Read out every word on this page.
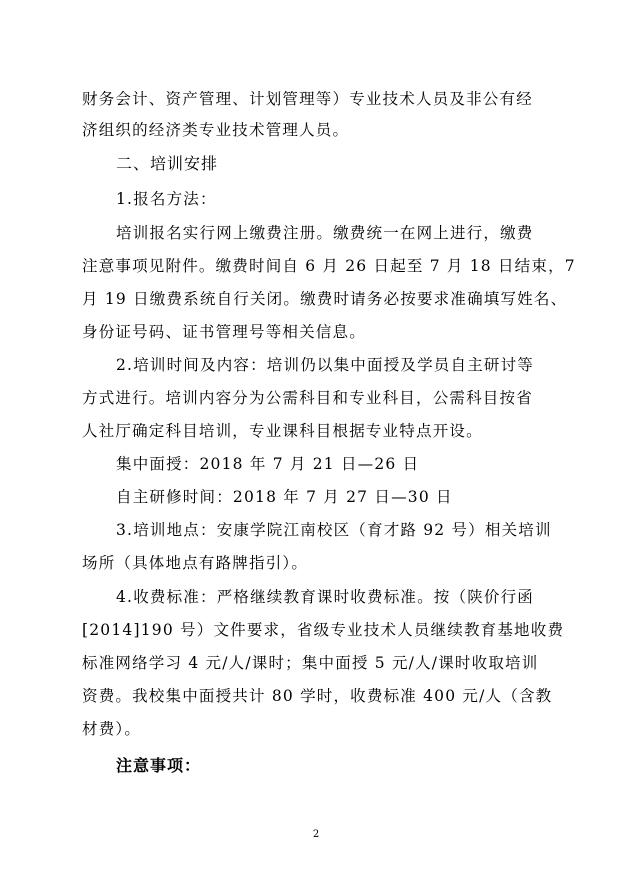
财务会计、资产管理、计划管理等）专业技术人员及非公有经
济组织的经济类专业技术管理人员。
二、培训安排
1.报名方法：
培训报名实行网上缴费注册。缴费统一在网上进行，缴费
注意事项见附件。缴费时间自 6 月 26 日起至 7 月 18 日结束，7
月 19 日缴费系统自行关闭。缴费时请务必按要求准确填写姓名、
身份证号码、证书管理号等相关信息。
2.培训时间及内容：培训仍以集中面授及学员自主研讨等
方式进行。培训内容分为公需科目和专业科目，公需科目按省
人社厅确定科目培训，专业课科目根据专业特点开设。
集中面授：2018 年 7 月 21 日—26 日
自主研修时间：2018 年 7 月 27 日—30 日
3.培训地点：安康学院江南校区（育才路 92 号）相关培训
场所（具体地点有路牌指引）。
4.收费标准：严格继续教育课时收费标准。按（陕价行函
[2014]190 号）文件要求，省级专业技术人员继续教育基地收费
标准网络学习 4 元/人/课时；集中面授 5 元/人/课时收取培训
资费。我校集中面授共计 80 学时，收费标准 400 元/人（含教
材费）。
注意事项：
2
